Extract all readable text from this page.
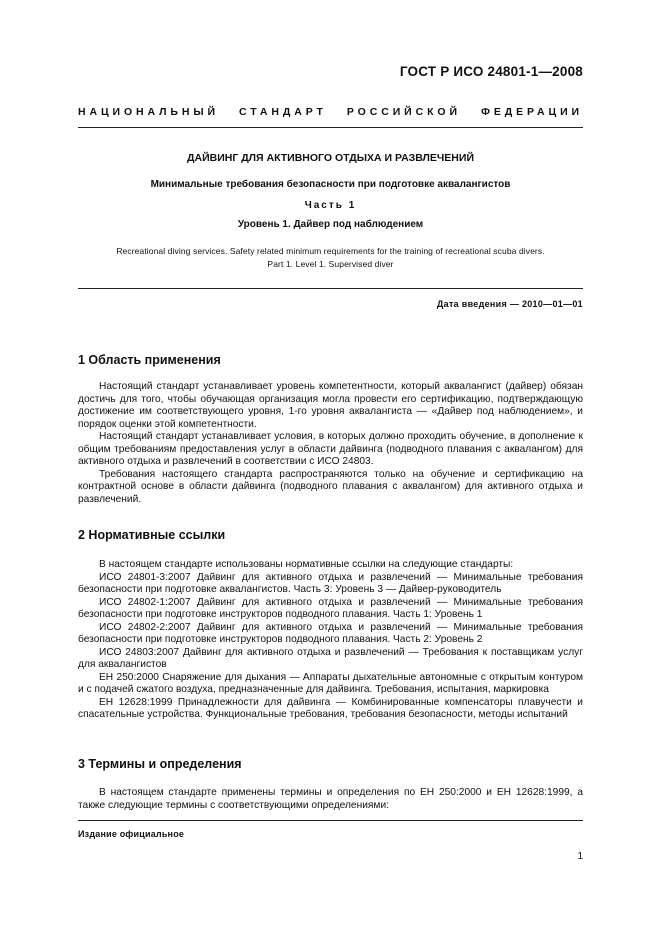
ГОСТ Р ИСО 24801-1—2008
НАЦИОНАЛЬНЫЙ СТАНДАРТ РОССИЙСКОЙ ФЕДЕРАЦИИ
ДАЙВИНГ ДЛЯ АКТИВНОГО ОТДЫХА И РАЗВЛЕЧЕНИЙ
Минимальные требования безопасности при подготовке аквалангистов
Часть 1
Уровень 1. Дайвер под наблюдением
Recreational diving services. Safety related minimum requirements for the training of recreational scuba divers.
Part 1. Level 1. Supervised diver
Дата введения — 2010—01—01
1 Область применения

Настоящий стандарт устанавливает уровень компетентности, который аквалангист (дайвер) обязан достичь для того, чтобы обучающая организация могла провести его сертификацию, подтверждающую достижение им соответствующего уровня, 1-го уровня аквалангиста — «Дайвер под наблюдением», и порядок оценки этой компетентности.

Настоящий стандарт устанавливает условия, в которых должно проходить обучение, в дополнение к общим требованиям предоставления услуг в области дайвинга (подводного плавания с аквалангом) для активного отдыха и развлечений в соответствии с ИСО 24803.

Требования настоящего стандарта распространяются только на обучение и сертификацию на контрактной основе в области дайвинга (подводного плавания с аквалангом) для активного отдыха и развлечений.

2 Нормативные ссылки

В настоящем стандарте использованы нормативные ссылки на следующие стандарты:

ИСО 24801-3:2007 Дайвинг для активного отдыха и развлечений — Минимальные требования безопасности при подготовке аквалангистов. Часть 3: Уровень 3 — Дайвер-руководитель

ИСО 24802-1:2007 Дайвинг для активного отдыха и развлечений — Минимальные требования безопасности при подготовке инструкторов подводного плавания. Часть 1: Уровень 1

ИСО 24802-2:2007 Дайвинг для активного отдыха и развлечений — Минимальные требования безопасности при подготовке инструкторов подводного плавания. Часть 2: Уровень 2

ИСО 24803:2007 Дайвинг для активного отдыха и развлечений — Требования к поставщикам услуг для аквалангистов

ЕН 250:2000 Снаряжение для дыхания — Аппараты дыхательные автономные с открытым контуром и с подачей сжатого воздуха, предназначенные для дайвинга. Требования, испытания, маркировка

ЕН 12628:1999 Принадлежности для дайвинга — Комбинированные компенсаторы плавучести и спасательные устройства. Функциональные требования, требования безопасности, методы испытаний

3 Термины и определения

В настоящем стандарте применены термины и определения по ЕН 250:2000 и ЕН 12628:1999, а также следующие термины с соответствующими определениями:

Издание официальное
1
